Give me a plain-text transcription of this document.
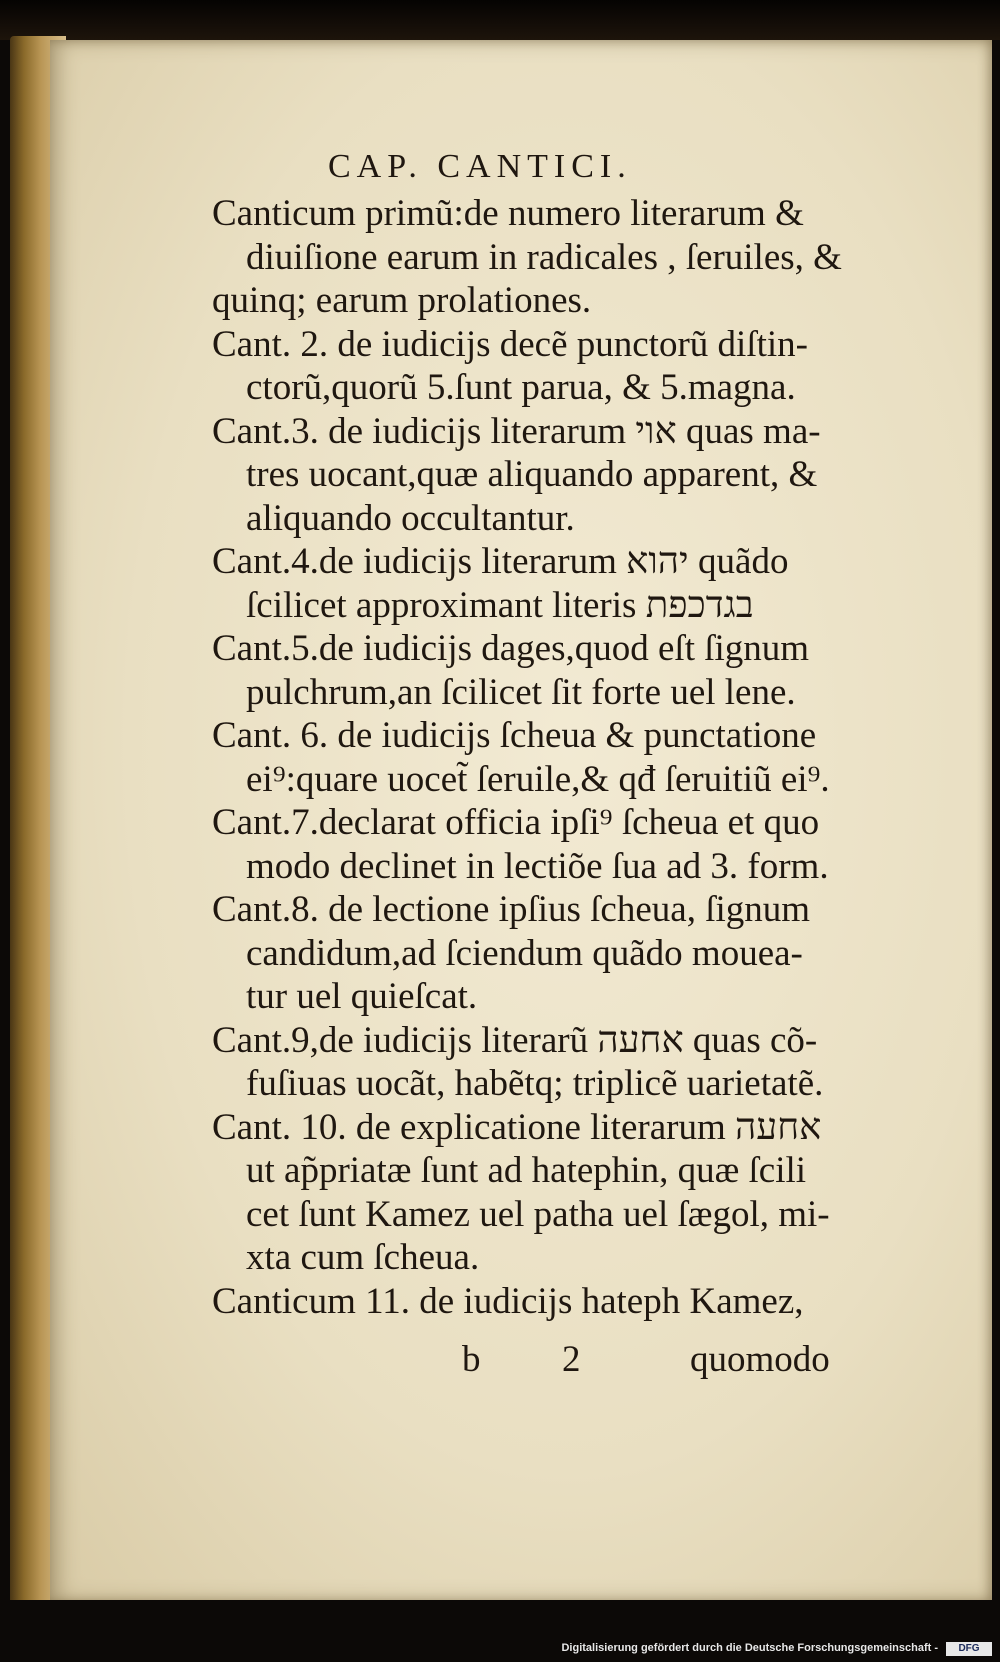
CAP. CANTICI.
Canticum primũ:de numero literarum &
diuiſione earum in radicales , ſeruiles, &
quinq; earum prolationes.
Cant. 2. de iudicijs decẽ punctorũ diſtin-
ctorũ,quorũ 5.ſunt parua, & 5.magna.
Cant.3. de iudicijs literarum אוי quas ma-
tres uocant,quæ aliquando apparent, &
aliquando occultantur.
Cant.4.de iudicijs literarum יהוא quãdo
ſcilicet approximant literis בגדכפת
Cant.5.de iudicijs dages,quod eſt ſignum
pulchrum,an ſcilicet ſit forte uel lene.
Cant. 6. de iudicijs ſcheua & punctatione
ei⁹:quare uocet̃ ſeruile,& qđ ſeruitiũ ei⁹.
Cant.7.declarat officia ipſi⁹ ſcheua et quo
modo declinet in lectiõe ſua ad 3. form.
Cant.8. de lectione ipſius ſcheua, ſignum
candidum,ad ſciendum quãdo mouea-
tur uel quieſcat.
Cant.9,de iudicijs literarũ אחעה quas cõ-
fuſiuas uocãt, habẽtq; triplicẽ uarietatẽ.
Cant. 10. de explicatione literarum אחעה
ut ap̃priatæ ſunt ad hatephin, quæ ſcili
cet ſunt Kamez uel patha uel ſægol, mi-
xta cum ſcheua.
Canticum 11. de iudicijs hateph Kamez,
b 2	quomodo
Digitalisierung gefördert durch die Deutsche Forschungsgemeinschaft -	DFG
